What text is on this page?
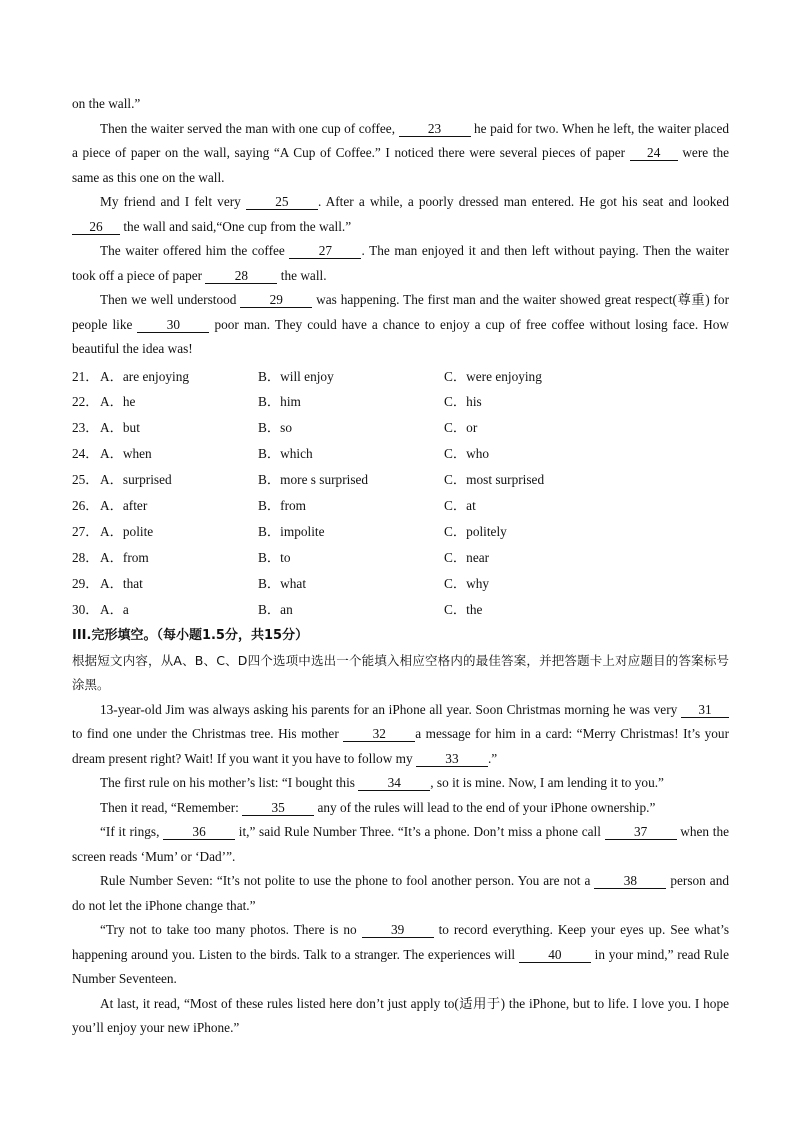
on the wall.”

Then the waiter served the man with one cup of coffee, 23 he paid for two. When he left, the waiter placed a piece of paper on the wall, saying “A Cup of Coffee.” I noticed there were several pieces of paper 24 were the same as this one on the wall.

My friend and I felt very	25 . After a while, a poorly dressed man entered. He got his seat and looked 26 the wall and said,“One cup from the wall.”

The waiter offered him the coffee	27 . The man enjoyed it and then left without paying. Then the waiter took off a piece of paper 28 the wall.

Then we well understood 29 was happening. The first man and the waiter showed great respect(尊重) for people like	30	poor man. They could have a chance to enjoy a cup of free coffee without losing face. How beautiful the idea was!

21． A．are enjoying	B．will enjoy	C．were enjoying
22． A．he	B．him	C．his
23． A．but	B．so	C．or
24． A．when	B．which	C．who
25． A．surprised	B．more s surprised	C．most surprised
26． A．after	B．from	C．at
27． A．polite	B．impolite	C．politely
28． A．from	B．to	C．near
29． A．that	B．what	C．why
30． A．a	B．an	C．the

III.完形填空。（每小题1.5分，共15分）

根据短文内容，从A、B、C、D四个选项中选出一个能填入相应空格内的最佳答案，并把答题卡上对应题目的答案标号涂黑。

13-year-old Jim was always asking his parents for an iPhone all year. Soon Christmas morning he was very 31 to find one under the Christmas tree. His mother	32 a message for him in a card: “Merry Christmas! It’s your dream present right? Wait! If you want it you have to follow my 33 .”

The first rule on his mother’s list: “I bought this 34 , so it is mine. Now, I am lending it to you.”

Then it read, “Remember: 35 any of the rules will lead to the end of your iPhone ownership.”

“If it rings, 36 it,” said Rule Number Three. “It’s a phone. Don’t miss a phone call 37 when the screen reads ‘Mum’ or ‘Dad’”.

Rule Number Seven: “It’s not polite to use the phone to fool another person. You are not a	38	person and do not let the iPhone change that.”

“Try not to take too many photos. There is no	39	to record everything. Keep your eyes up. See what’s happening around you. Listen to the birds. Talk to a stranger. The experiences will 40 in your mind,” read Rule Number Seventeen.

At last, it read, “Most of these rules listed here don’t just apply to(适用于) the iPhone, but to life. I love you. I hope you’ll enjoy your new iPhone.”
